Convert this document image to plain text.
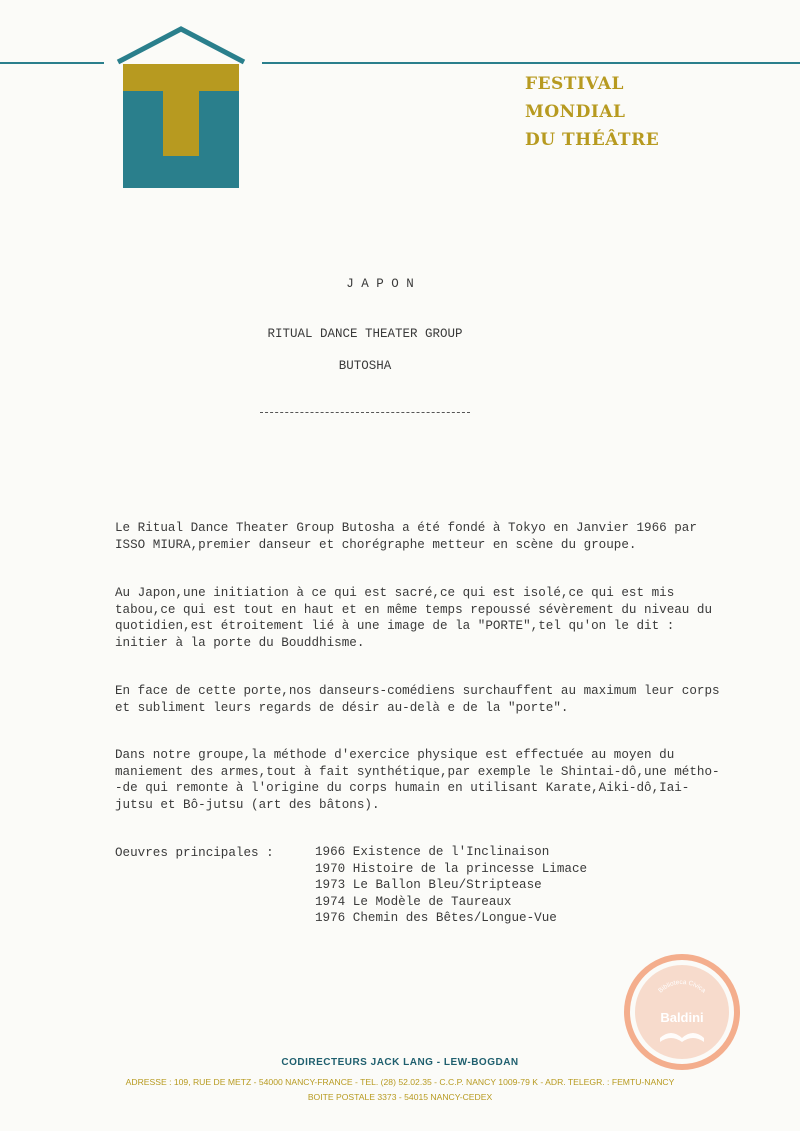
FESTIVAL
MONDIAL
DU THÉÂTRE
J A P O N
RITUAL DANCE THEATER GROUP
BUTOSHA
Le Ritual Dance Theater Group Butosha a été fondé à Tokyo en Janvier 1966 par
ISSO MIURA,premier danseur et chorégraphe metteur en scène du groupe.
Au Japon,une initiation à ce qui est sacré,ce qui est isolé,ce qui est mis
tabou,ce qui est tout en haut et en même temps repoussé sévèrement du niveau du
quotidien,est étroitement lié à une image de la "PORTE",tel qu'on le dit :
initier à la porte du Bouddhisme.
En face de cette porte,nos danseurs-comédiens surchauffent au maximum leur corps
et subliment leurs regards de désir au-delà e de la "porte".
Dans notre groupe,la méthode d'exercice physique est effectuée au moyen du
maniement des armes,tout à fait synthétique,par exemple le Shintai-dô,une métho-
-de qui remonte à l'origine du corps humain en utilisant Karate,Aiki-dô,Iai-
jutsu et Bô-jutsu (art des bâtons).
Oeuvres principales :	1966 Existence de l'Inclinaison
1970 Histoire de la princesse Limace
1973 Le Ballon Bleu/Striptease
1974 Le Modèle de Taureaux
1976 Chemin des Bêtes/Longue-Vue
Biblioteca Civica
Baldini
CODIRECTEURS JACK LANG - LEW-BOGDAN
ADRESSE : 109, RUE DE METZ - 54000 NANCY-FRANCE - TEL. (28) 52.02.35 - C.C.P. NANCY 1009-79 K - ADR. TELEGR. : FEMTU-NANCY
BOITE POSTALE 3373 - 54015 NANCY-CEDEX
